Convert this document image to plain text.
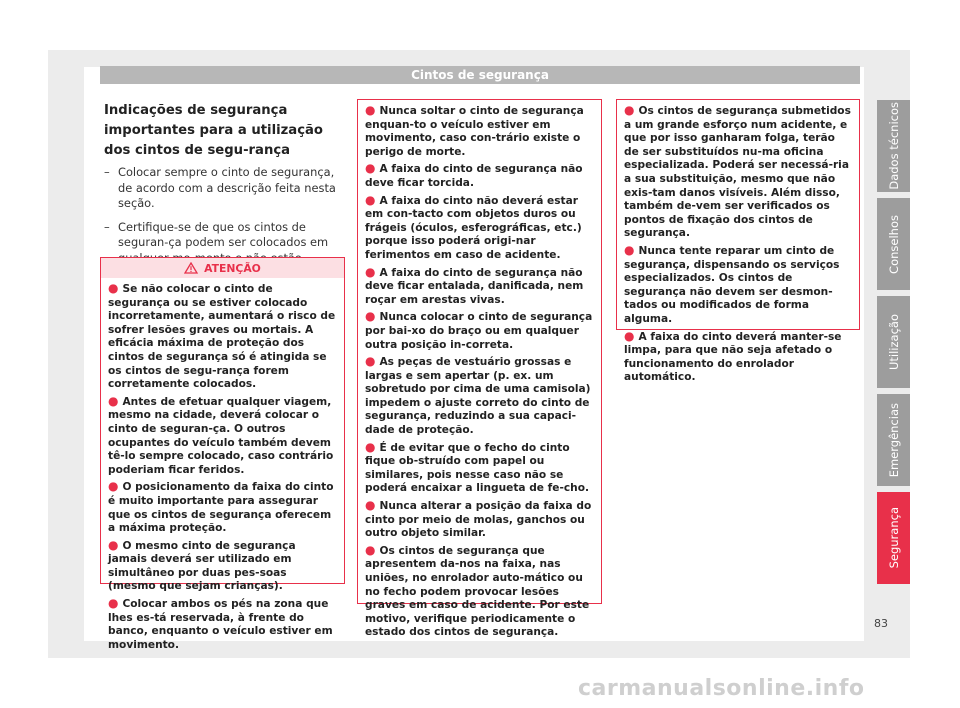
Cintos de segurança
Indicações de segurança importantes para a utilização dos cintos de segu-rança
– Colocar sempre o cinto de segurança, de acordo com a descrição feita nesta seção.
– Certifique-se de que os cintos de seguran-ça podem ser colocados em
ATENÇÃO
● Se não colocar o cinto de segurança ou se estiver colocado incorretamente, aumentará o risco de sofrer lesões graves ou mortais. A eficácia máxima de proteção dos cintos de segurança só é atingida se os cintos de segu-rança forem corretamente colocados.
● Antes de efetuar qualquer viagem, mesmo na cidade, deverá colocar o cinto de seguran-ça. O outros ocupantes do veículo também devem tê-lo sempre colocado, caso contrário poderiam ficar feridos.
● O posicionamento da faixa do cinto é muito importante para assegurar que os cintos de segurança oferecem a máxima proteção.
● O mesmo cinto de segurança jamais deverá ser utilizado em simultâneo por duas pes-soas (mesmo que sejam crianças).
● Colocar ambos os pés na zona que lhes es-tá reservada, à frente do banco, enquanto o veículo estiver em movimento.
● Nunca soltar o cinto de segurança enquan-to o veículo estiver em movimento, caso con-trário existe o perigo de morte.
● A faixa do cinto de segurança não deve ficar torcida.
● A faixa do cinto não deverá estar em con-tacto com objetos duros ou frágeis (óculos, esferográficas, etc.) porque isso poderá origi-nar ferimentos em caso de acidente.
● A faixa do cinto de segurança não deve ficar entalada, danificada, nem roçar em arestas vivas.
● Nunca colocar o cinto de segurança por bai-xo do braço ou em qualquer outra posição in-correta.
● As peças de vestuário grossas e largas e sem apertar (p. ex. um sobretudo por cima de uma camisola) impedem o ajuste correto do cinto de segurança, reduzindo a sua capaci-dade de proteção.
● É de evitar que o fecho do cinto fique ob-struído com papel ou similares, pois nesse caso não se poderá encaixar a lingueta de fe-cho.
● Nunca alterar a posição da faixa do cinto por meio de molas, ganchos ou outro objeto similar.
● Os cintos de segurança que apresentem da-nos na faixa, nas uniões, no enrolador auto-mático ou no fecho podem provocar lesões graves em caso de acidente. Por este motivo, verifique periodicamente o estado dos cintos de segurança.
● Os cintos de segurança submetidos a um grande esforço num acidente, e que por isso ganharam folga, terão de ser substituídos nu-ma oficina especializada. Poderá ser necessá-ria a sua substituição, mesmo que não exis-tam danos visíveis. Além disso, também de-vem ser verificados os pontos de fixação dos cintos de segurança.
● Nunca tente reparar um cinto de segurança, dispensando os serviços especializados. Os cintos de segurança não devem ser desmon-tados ou modificados de forma alguma.
● A faixa do cinto deverá manter-se limpa, para que não seja afetado o funcionamento do enrolador automático.
Dados técnicos
Conselhos
Utilização
Emergências
Segurança
83
carmanualsonline.info
